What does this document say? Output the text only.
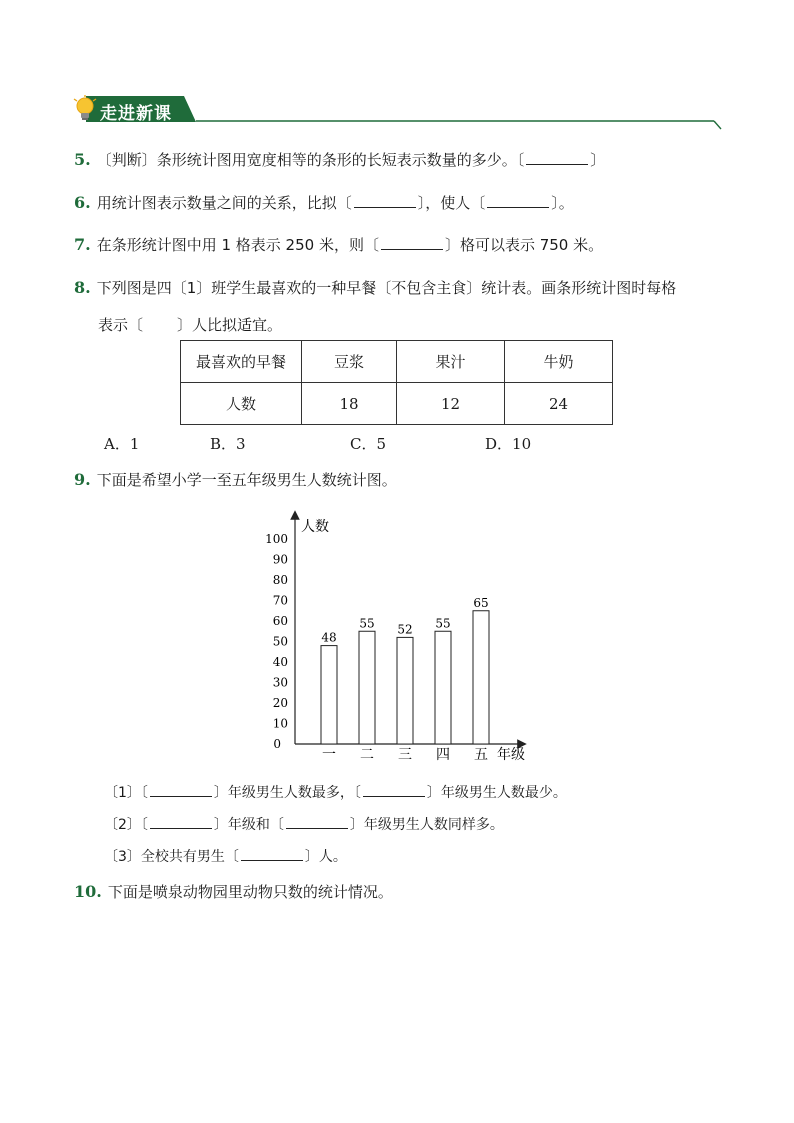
走进新课
5. 〔判断〕条形统计图用宽度相等的条形的长短表示数量的多少。〔	〕
6. 用统计图表示数量之间的关系，比拟〔	〕，使人〔	〕。
7. 在条形统计图中用 1 格表示 250 米，则〔	〕格可以表示 750 米。
8. 下列图是四〔1〕班学生最喜欢的一种早餐〔不包含主食〕统计表。画条形统计图时每格
表示〔 〕人比拟适宜。
最喜欢的早餐	豆浆	果汁	牛奶
人数	18	12	24
A．1	B．3	C．5	D．10
9. 下面是希望小学一至五年级男生人数统计图。
人数
年级
0
10
20
30
40
50
60
70
80
90
100
48
一
55
二
52
三
55
四
65
五
〔1〕〔	〕年级男生人数最多，〔	〕年级男生人数最少。
〔2〕〔	〕年级和〔	〕年级男生人数同样多。
〔3〕全校共有男生〔	〕人。
10. 下面是喷泉动物园里动物只数的统计情况。
